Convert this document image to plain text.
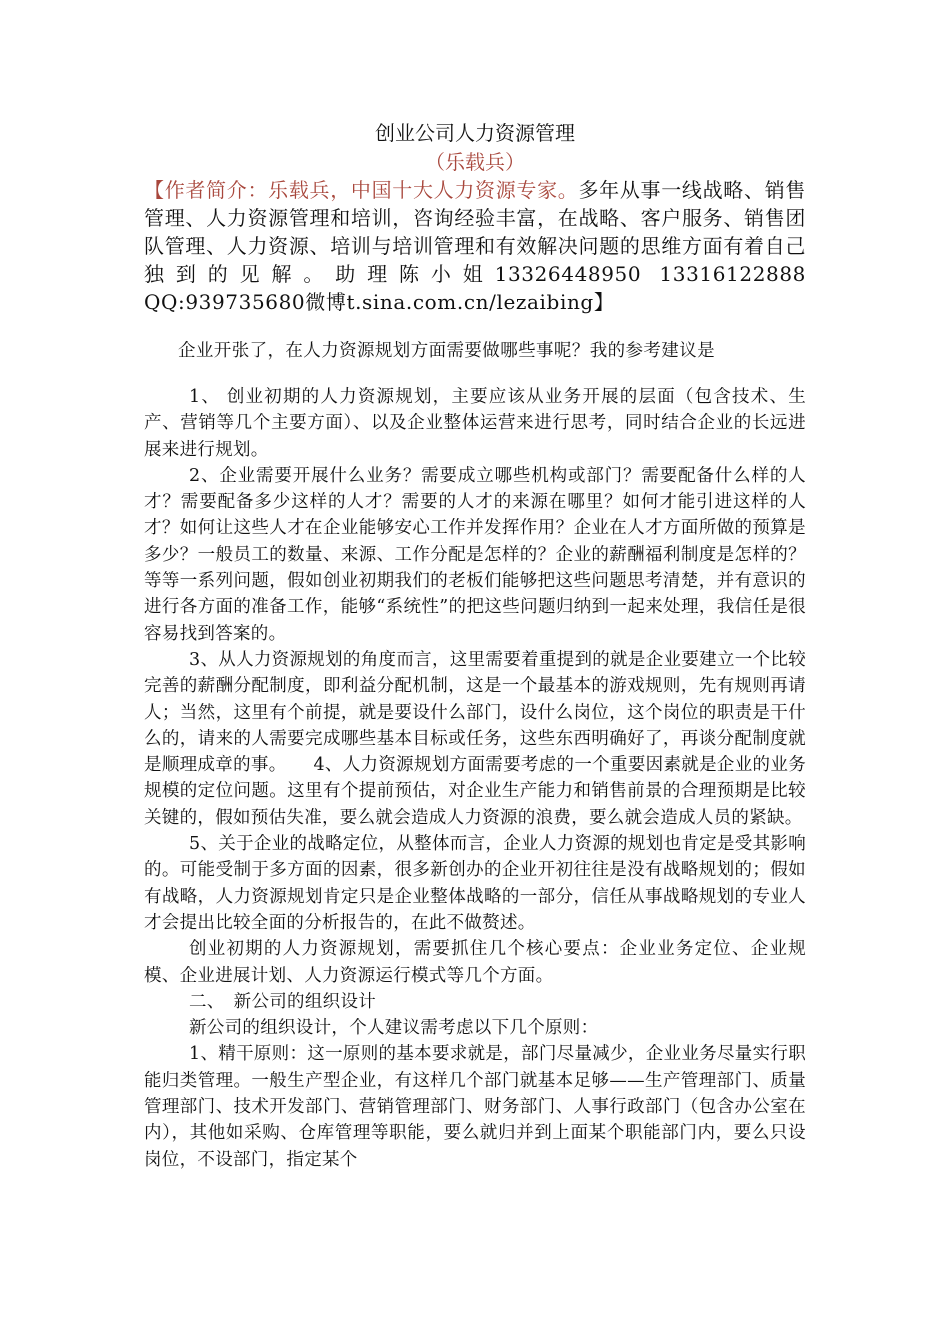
创业公司人力资源管理

（乐载兵）

【作者简介：乐载兵，中国十大人力资源专家。多年从事一线战略、销售管理、人力资源管理和培训，咨询经验丰富，在战略、客户服务、销售团队管理、人力资源、培训与培训管理和有效解决问题的思维方面有着自己独到的见解。助理陈小姐13326448950 13316122888 QQ:939735680微博t.sina.com.cn/lezaibing】

企业开张了，在人力资源规划方面需要做哪些事呢？我的参考建议是

1、 创业初期的人力资源规划，主要应该从业务开展的层面（包含技术、生产、营销等几个主要方面）、以及企业整体运营来进行思考，同时结合企业的长远进展来进行规划。

2、企业需要开展什么业务？需要成立哪些机构或部门？需要配备什么样的人才？需要配备多少这样的人才？需要的人才的来源在哪里？如何才能引进这样的人才？如何让这些人才在企业能够安心工作并发挥作用？企业在人才方面所做的预算是多少？一般员工的数量、来源、工作分配是怎样的？企业的薪酬福利制度是怎样的？等等一系列问题，假如创业初期我们的老板们能够把这些问题思考清楚，并有意识的进行各方面的准备工作，能够“系统性”的把这些问题归纳到一起来处理，我信任是很容易找到答案的。

3、从人力资源规划的角度而言，这里需要着重提到的就是企业要建立一个比较完善的薪酬分配制度，即利益分配机制，这是一个最基本的游戏规则，先有规则再请人；当然，这里有个前提，就是要设什么部门，设什么岗位，这个岗位的职责是干什么的，请来的人需要完成哪些基本目标或任务，这些东西明确好了，再谈分配制度就是顺理成章的事。　　4、人力资源规划方面需要考虑的一个重要因素就是企业的业务规模的定位问题。这里有个提前预估，对企业生产能力和销售前景的合理预期是比较关键的，假如预估失准，要么就会造成人力资源的浪费，要么就会造成人员的紧缺。

5、关于企业的战略定位，从整体而言，企业人力资源的规划也肯定是受其影响的。可能受制于多方面的因素，很多新创办的企业开初往往是没有战略规划的；假如有战略，人力资源规划肯定只是企业整体战略的一部分，信任从事战略规划的专业人才会提出比较全面的分析报告的，在此不做赘述。

创业初期的人力资源规划，需要抓住几个核心要点：企业业务定位、企业规模、企业进展计划、人力资源运行模式等几个方面。

二、　新公司的组织设计

新公司的组织设计，个人建议需考虑以下几个原则：

1、精干原则：这一原则的基本要求就是，部门尽量减少，企业业务尽量实行职能归类管理。一般生产型企业，有这样几个部门就基本足够——生产管理部门、质量管理部门、技术开发部门、营销管理部门、财务部门、人事行政部门（包含办公室在内），其他如采购、仓库管理等职能，要么就归并到上面某个职能部门内，要么只设岗位，不设部门，指定某个
